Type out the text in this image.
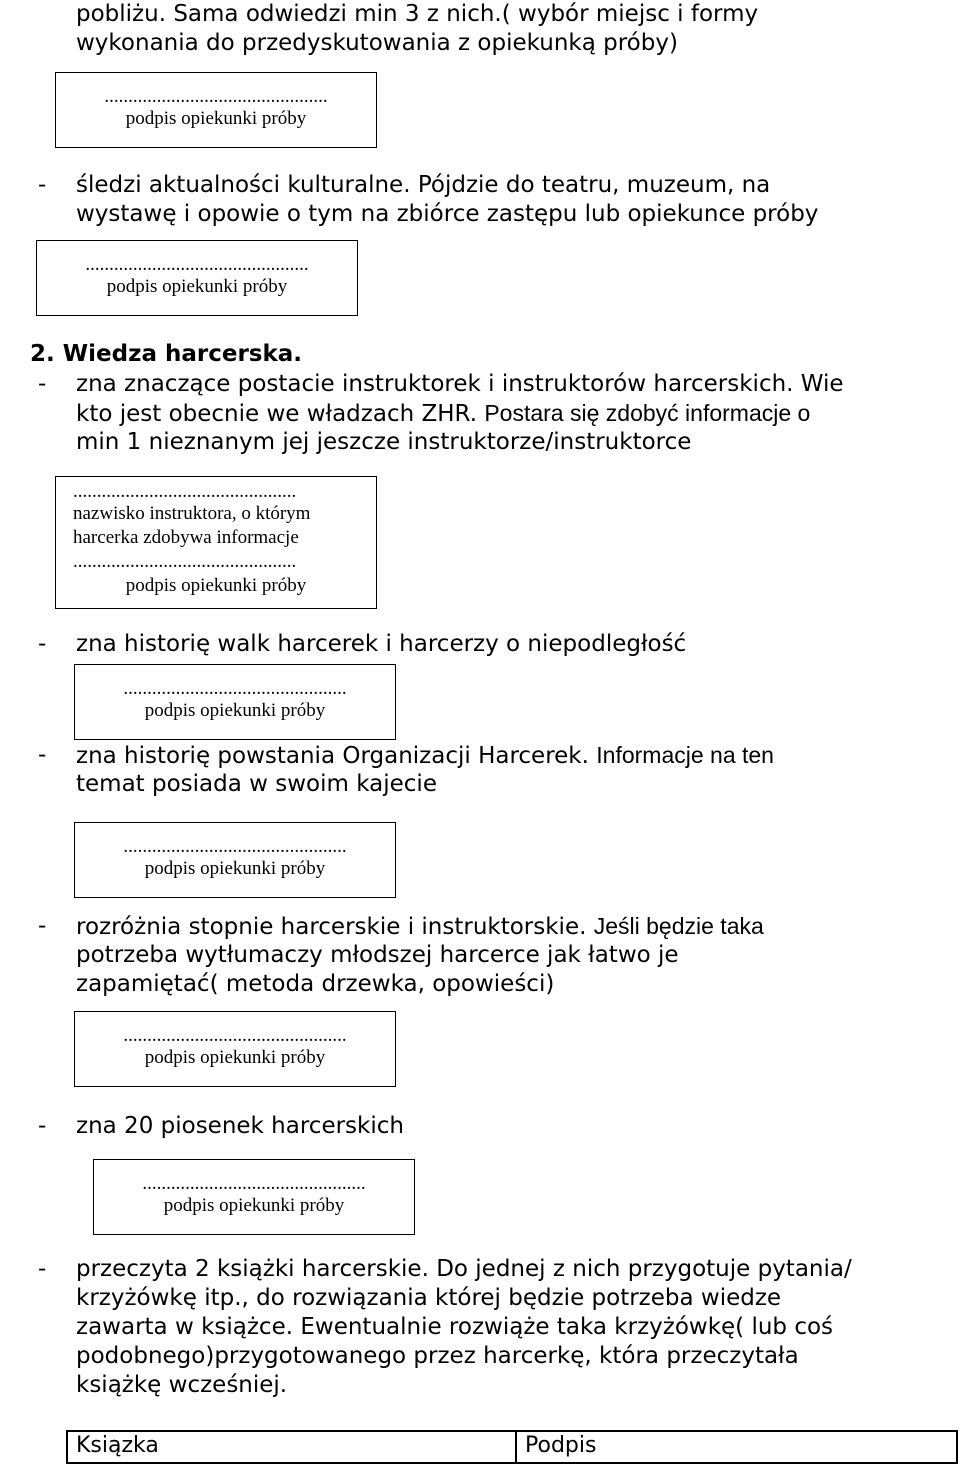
pobliżu. Sama odwiedzi min 3 z nich.( wybór miejsc i formy
wykonania do przedyskutowania z opiekunką próby)
...............................................
podpis opiekunki próby
- śledzi aktualności kulturalne. Pójdzie do teatru, muzeum, na
wystawę i opowie o tym na zbiórce zastępu lub opiekunce próby
...............................................
podpis opiekunki próby
2. Wiedza harcerska.
- zna znaczące postacie instruktorek i instruktorów harcerskich. Wie
kto jest obecnie we władzach ZHR. Postara się zdobyć informacje o
min 1 nieznanym jej jeszcze instruktorze/instruktorce
...............................................
nazwisko instruktora, o którym
harcerka zdobywa informacje
...............................................
podpis opiekunki próby
- zna historię walk harcerek i harcerzy o niepodległość
...............................................
podpis opiekunki próby
- zna historię powstania Organizacji Harcerek. Informacje na ten
temat posiada w swoim kajecie
...............................................
podpis opiekunki próby
- rozróżnia stopnie harcerskie i instruktorskie. Jeśli będzie taka
potrzeba wytłumaczy młodszej harcerce jak łatwo je
zapamiętać( metoda drzewka, opowieści)
...............................................
podpis opiekunki próby
- zna 20 piosenek harcerskich
...............................................
podpis opiekunki próby
- przeczyta 2 książki harcerskie. Do jednej z nich przygotuje pytania/
krzyżówkę itp., do rozwiązania której będzie potrzeba wiedze
zawarta w książce. Ewentualnie rozwiąże taka krzyżówkę( lub coś
podobnego)przygotowanego przez harcerkę, która przeczytała
książkę wcześniej.
Ksiązka	Podpis
